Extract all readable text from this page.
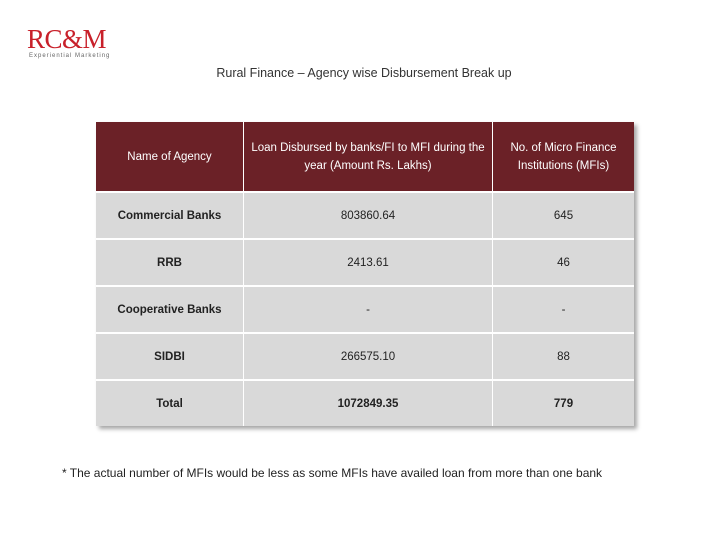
RC&M
Experiential Marketing
Rural Finance – Agency wise Disbursement Break up
Name of Agency	Loan Disbursed by banks/FI to MFI during the year (Amount Rs. Lakhs)	No. of Micro Finance Institutions (MFIs)
Commercial Banks	803860.64	645
RRB	2413.61	46
Cooperative Banks	-	-
SIDBI	266575.10	88
Total	1072849.35	779
* The actual number of MFIs would be less as some MFIs have availed loan from more than one bank
